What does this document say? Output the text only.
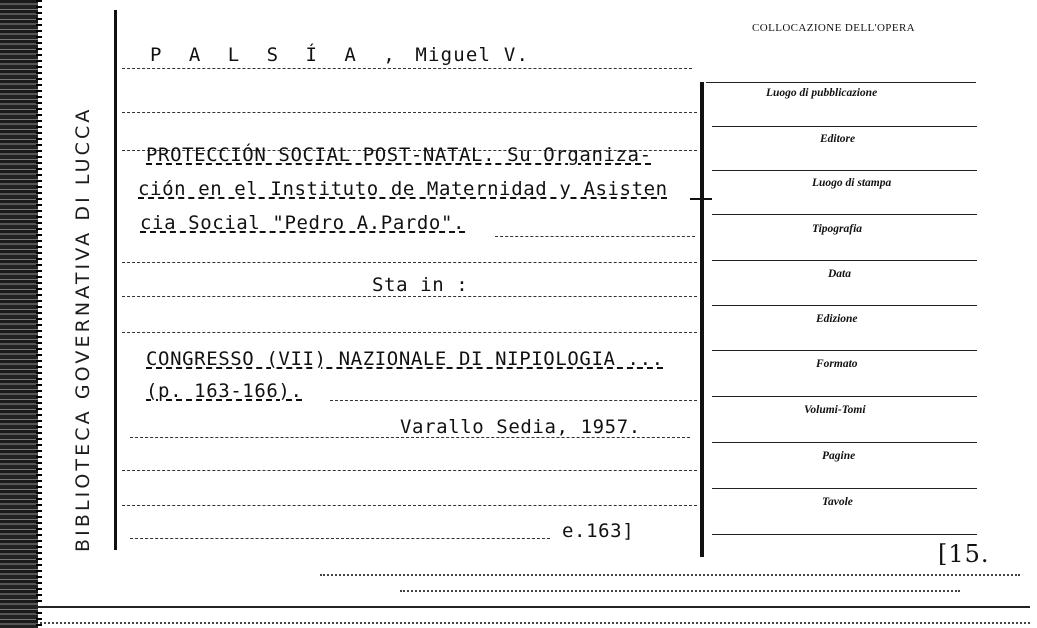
BIBLIOTECA GOVERNATIVA DI LUCCA
P A L S Í A , Miguel V.
PROTECCIÓN SOCIAL POST-NATAL. Su Organiza-
ción en el Instituto de Maternidad y Asisten
cia Social "Pedro A.Pardo".
Sta in :
CONGRESSO (VII) NAZIONALE DI NIPIOLOGIA ...
(p. 163-166).
Varallo Sedia, 1957.
e.163]
COLLOCAZIONE DELL'OPERA
Luogo di pubblicazione
Editore
Luogo di stampa
Tipografia
Data
Edizione
Formato
Volumi-Tomi
Pagine
Tavole
[15.
